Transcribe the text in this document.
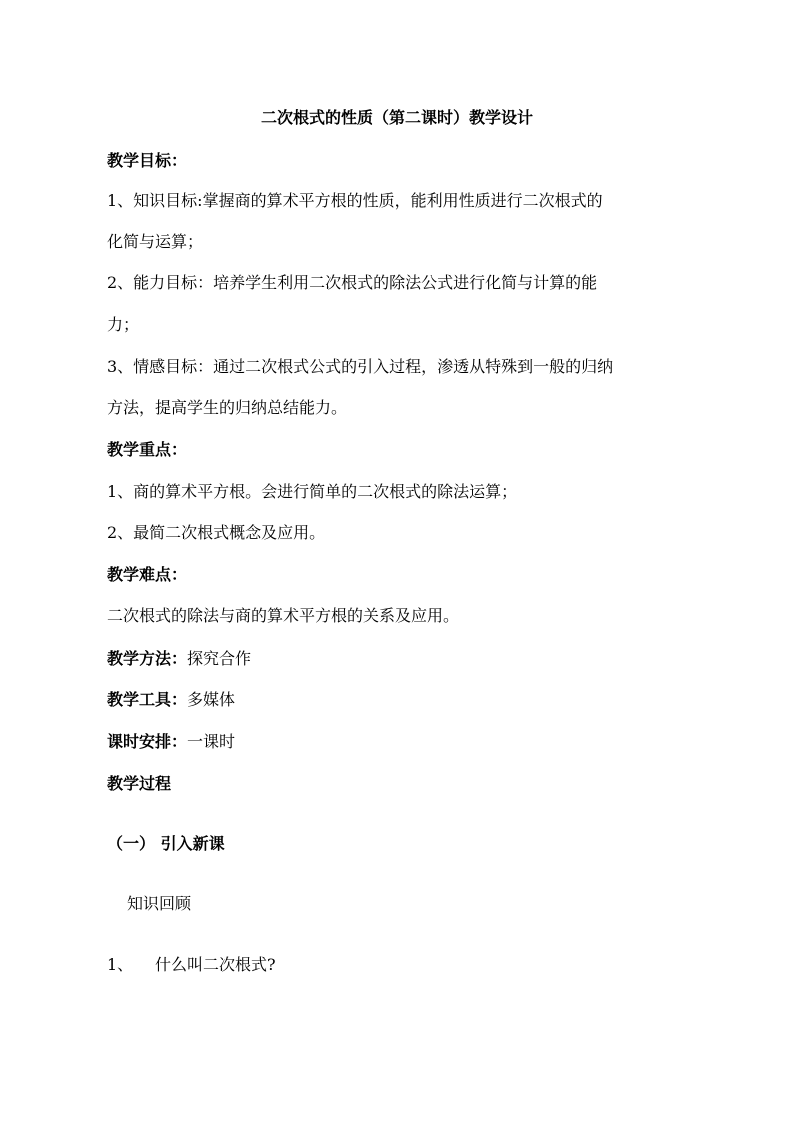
二次根式的性质（第二课时）教学设计
教学目标：
1、知识目标:掌握商的算术平方根的性质，能利用性质进行二次根式的
化简与运算；
2、能力目标：培养学生利用二次根式的除法公式进行化简与计算的能
力；
3、情感目标：通过二次根式公式的引入过程，渗透从特殊到一般的归纳
方法，提高学生的归纳总结能力。
教学重点：
1、商的算术平方根。会进行简单的二次根式的除法运算；
2、最简二次根式概念及应用。
教学难点：
二次根式的除法与商的算术平方根的关系及应用。
教学方法：探究合作
教学工具：多媒体
课时安排：一课时
教学过程
（一） 引入新课
知识回顾
1、 什么叫二次根式?
